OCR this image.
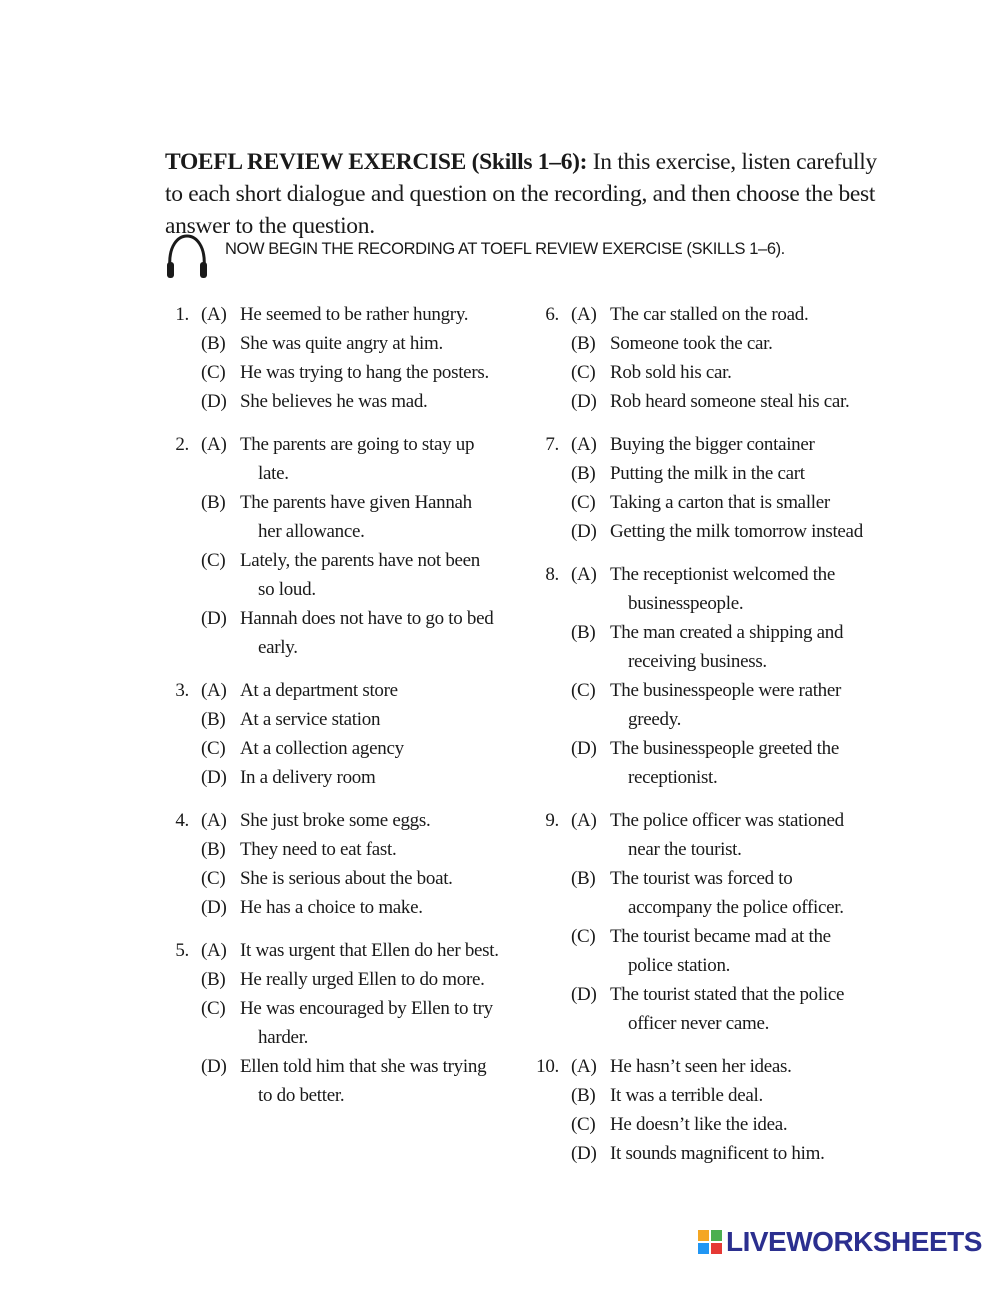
TOEFL REVIEW EXERCISE (Skills 1–6): In this exercise, listen carefully to each short dialogue and question on the recording, and then choose the best answer to the question.
NOW BEGIN THE RECORDING AT TOEFL REVIEW EXERCISE (SKILLS 1–6).
1. (A) He seemed to be rather hungry.
(B) She was quite angry at him.
(C) He was trying to hang the posters.
(D) She believes he was mad.
2. (A) The parents are going to stay up
late.
(B) The parents have given Hannah
her allowance.
(C) Lately, the parents have not been
so loud.
(D) Hannah does not have to go to bed
early.
3. (A) At a department store
(B) At a service station
(C) At a collection agency
(D) In a delivery room
4. (A) She just broke some eggs.
(B) They need to eat fast.
(C) She is serious about the boat.
(D) He has a choice to make.
5. (A) It was urgent that Ellen do her best.
(B) He really urged Ellen to do more.
(C) He was encouraged by Ellen to try
harder.
(D) Ellen told him that she was trying
to do better.
6. (A) The car stalled on the road.
(B) Someone took the car.
(C) Rob sold his car.
(D) Rob heard someone steal his car.
7. (A) Buying the bigger container
(B) Putting the milk in the cart
(C) Taking a carton that is smaller
(D) Getting the milk tomorrow instead
8. (A) The receptionist welcomed the
businesspeople.
(B) The man created a shipping and
receiving business.
(C) The businesspeople were rather
greedy.
(D) The businesspeople greeted the
receptionist.
9. (A) The police officer was stationed
near the tourist.
(B) The tourist was forced to
accompany the police officer.
(C) The tourist became mad at the
police station.
(D) The tourist stated that the police
officer never came.
10. (A) He hasn’t seen her ideas.
(B) It was a terrible deal.
(C) He doesn’t like the idea.
(D) It sounds magnificent to him.
LIVEWORKSHEETS
